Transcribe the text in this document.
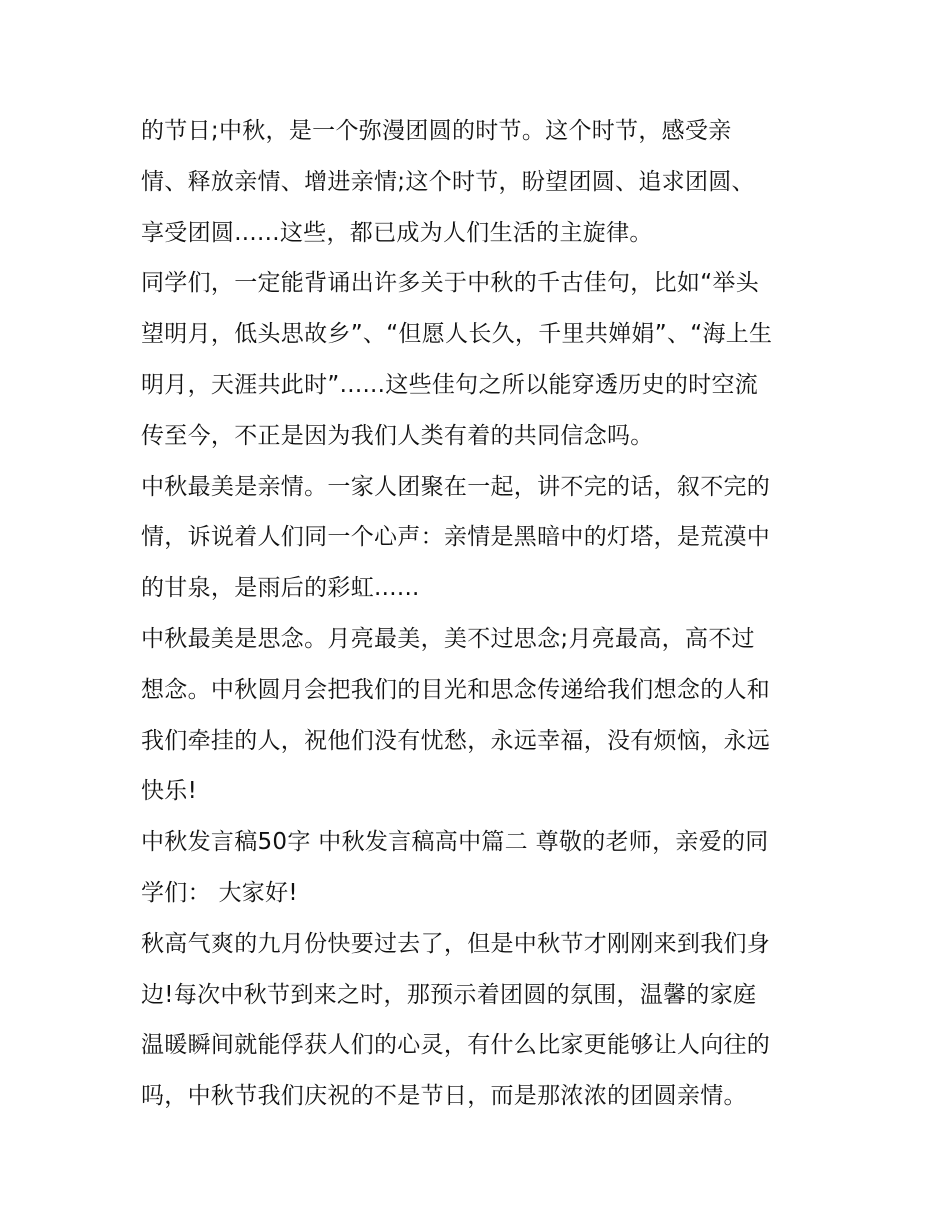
的节日;中秋，是一个弥漫团圆的时节。这个时节，感受亲
情、释放亲情、增进亲情;这个时节，盼望团圆、追求团圆、
享受团圆......这些，都已成为人们生活的主旋律。
同学们，一定能背诵出许多关于中秋的千古佳句，比如“举头
望明月，低头思故乡”、“但愿人长久，千里共婵娟”、“海上生
明月，天涯共此时”......这些佳句之所以能穿透历史的时空流
传至今，不正是因为我们人类有着的共同信念吗。
中秋最美是亲情。一家人团聚在一起，讲不完的话，叙不完的
情，诉说着人们同一个心声：亲情是黑暗中的灯塔，是荒漠中
的甘泉，是雨后的彩虹......
中秋最美是思念。月亮最美，美不过思念;月亮最高，高不过
想念。中秋圆月会把我们的目光和思念传递给我们想念的人和
我们牵挂的人，祝他们没有忧愁，永远幸福，没有烦恼，永远
快乐!
中秋发言稿50字 中秋发言稿高中篇二 尊敬的老师，亲爱的同
学们： 大家好!
秋高气爽的九月份快要过去了，但是中秋节才刚刚来到我们身
边!每次中秋节到来之时，那预示着团圆的氛围，温馨的家庭
温暖瞬间就能俘获人们的心灵，有什么比家更能够让人向往的
吗，中秋节我们庆祝的不是节日，而是那浓浓的团圆亲情。
